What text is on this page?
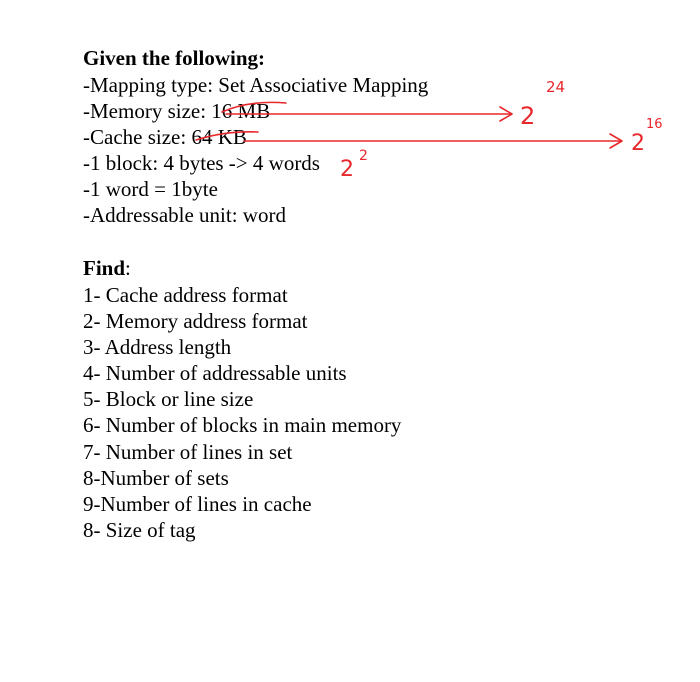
Given the following:
-Mapping type: Set Associative Mapping
-Memory size: 16 MB
-Cache size: 64 KB
-1 block: 4 bytes -> 4 words
-1 word = 1byte
-Addressable unit: word
Find:
1- Cache address format
2- Memory address format
3- Address length
4- Number of addressable units
5- Block or line size
6- Number of blocks in main memory
7- Number of lines in set
8-Number of sets
9-Number of lines in cache
8- Size of tag
2
24
2
16
2
2
